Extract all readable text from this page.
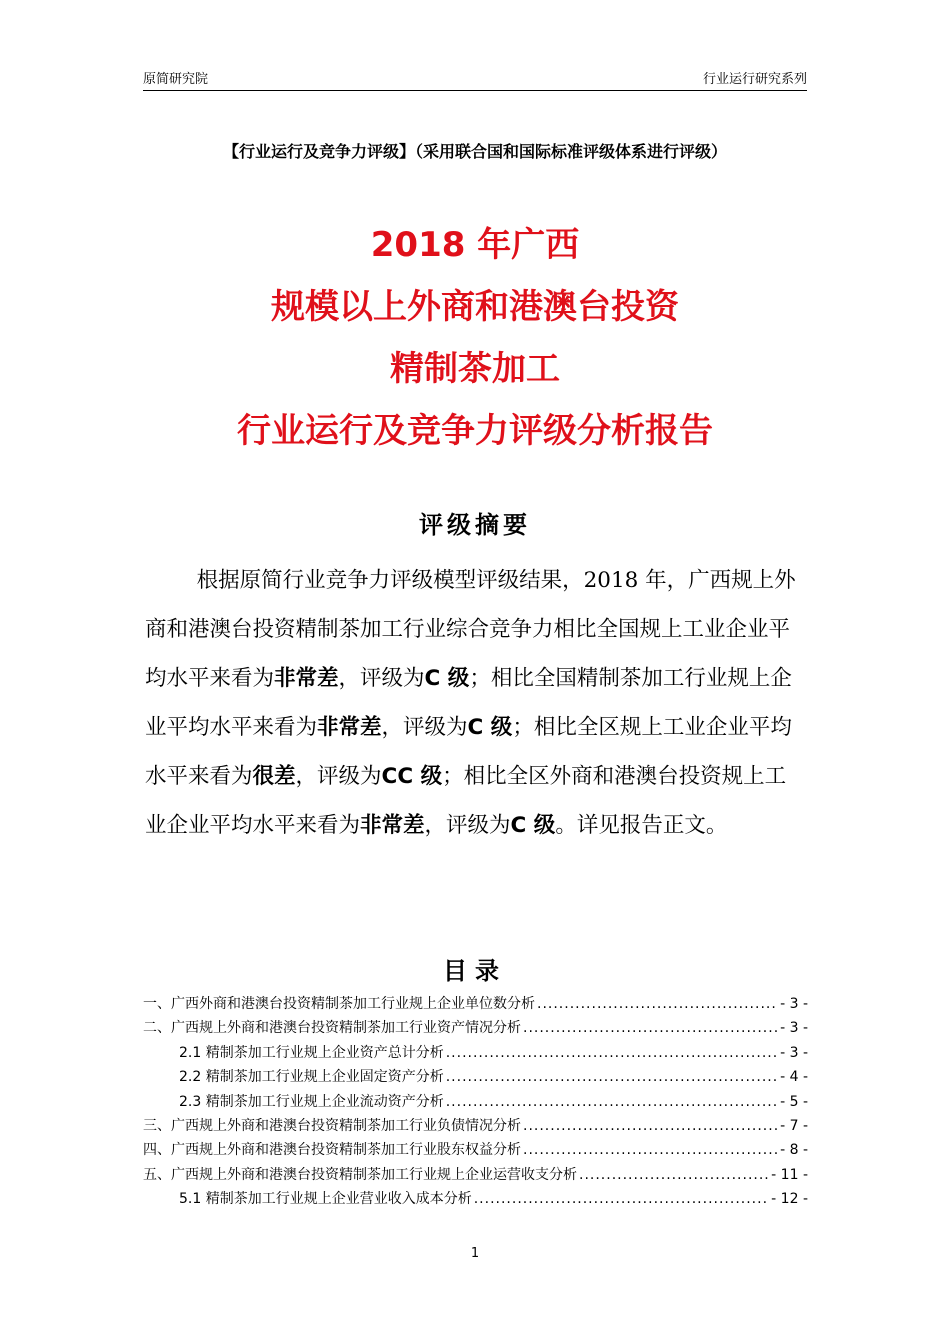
原简研究院	行业运行研究系列
【行业运行及竞争力评级】（采用联合国和国际标准评级体系进行评级）
2018 年广西
规模以上外商和港澳台投资
精制茶加工
行业运行及竞争力评级分析报告
评级摘要

根据原简行业竞争力评级模型评级结果，2018 年，广西规上外商和港澳台投资精制茶加工行业综合竞争力相比全国规上工业企业平均水平来看为非常差，评级为C 级；相比全国精制茶加工行业规上企业平均水平来看为非常差，评级为C 级；相比全区规上工业企业平均水平来看为很差，评级为CC 级；相比全区外商和港澳台投资规上工业企业平均水平来看为非常差，评级为C 级。详见报告正文。

目录
一、广西外商和港澳台投资精制茶加工行业规上企业单位数分析 .....	- 3 -
二、广西规上外商和港澳台投资精制茶加工行业资产情况分析 .....	- 3 -
2.1 精制茶加工行业规上企业资产总计分析 .....	- 3 -
2.2 精制茶加工行业规上企业固定资产分析 .....	- 4 -
2.3 精制茶加工行业规上企业流动资产分析 .....	- 5 -
三、广西规上外商和港澳台投资精制茶加工行业负债情况分析 .....	- 7 -
四、广西规上外商和港澳台投资精制茶加工行业股东权益分析 .....	- 8 -
五、广西规上外商和港澳台投资精制茶加工行业规上企业运营收支分析 .....	- 11 -
5.1 精制茶加工行业规上企业营业收入成本分析 .....	- 12 -
1
